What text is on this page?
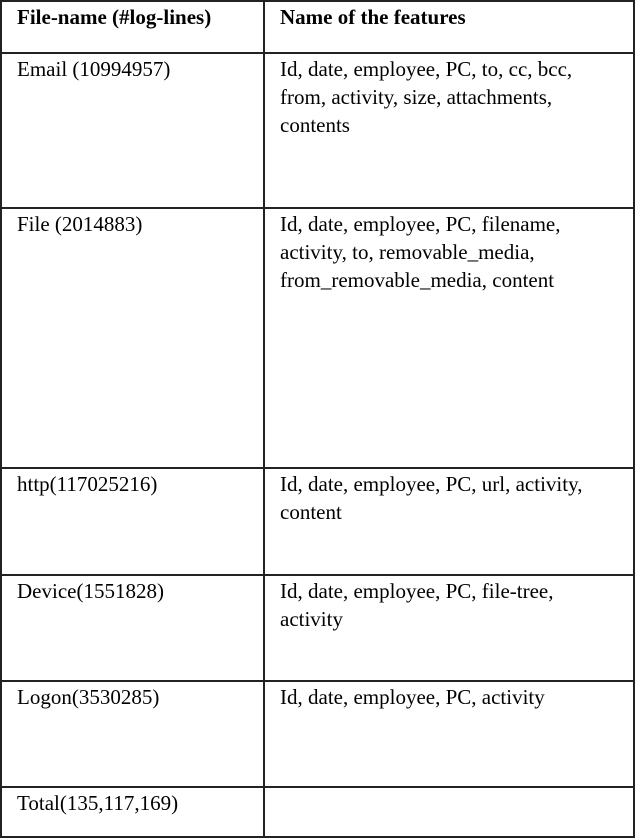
File-name (#log-lines)	Name of the features
Email (10994957)	Id, date, employee, PC, to, cc, bcc, from, activity, size, attachments, contents
File (2014883)	Id, date, employee, PC, filename, activity, to, removable_media, from_removable_media, content
http(117025216)	Id, date, employee, PC, url, activity, content
Device(1551828)	Id, date, employee, PC, file-tree, activity
Logon(3530285)	Id, date, employee, PC, activity
Total(135,117,169)	
